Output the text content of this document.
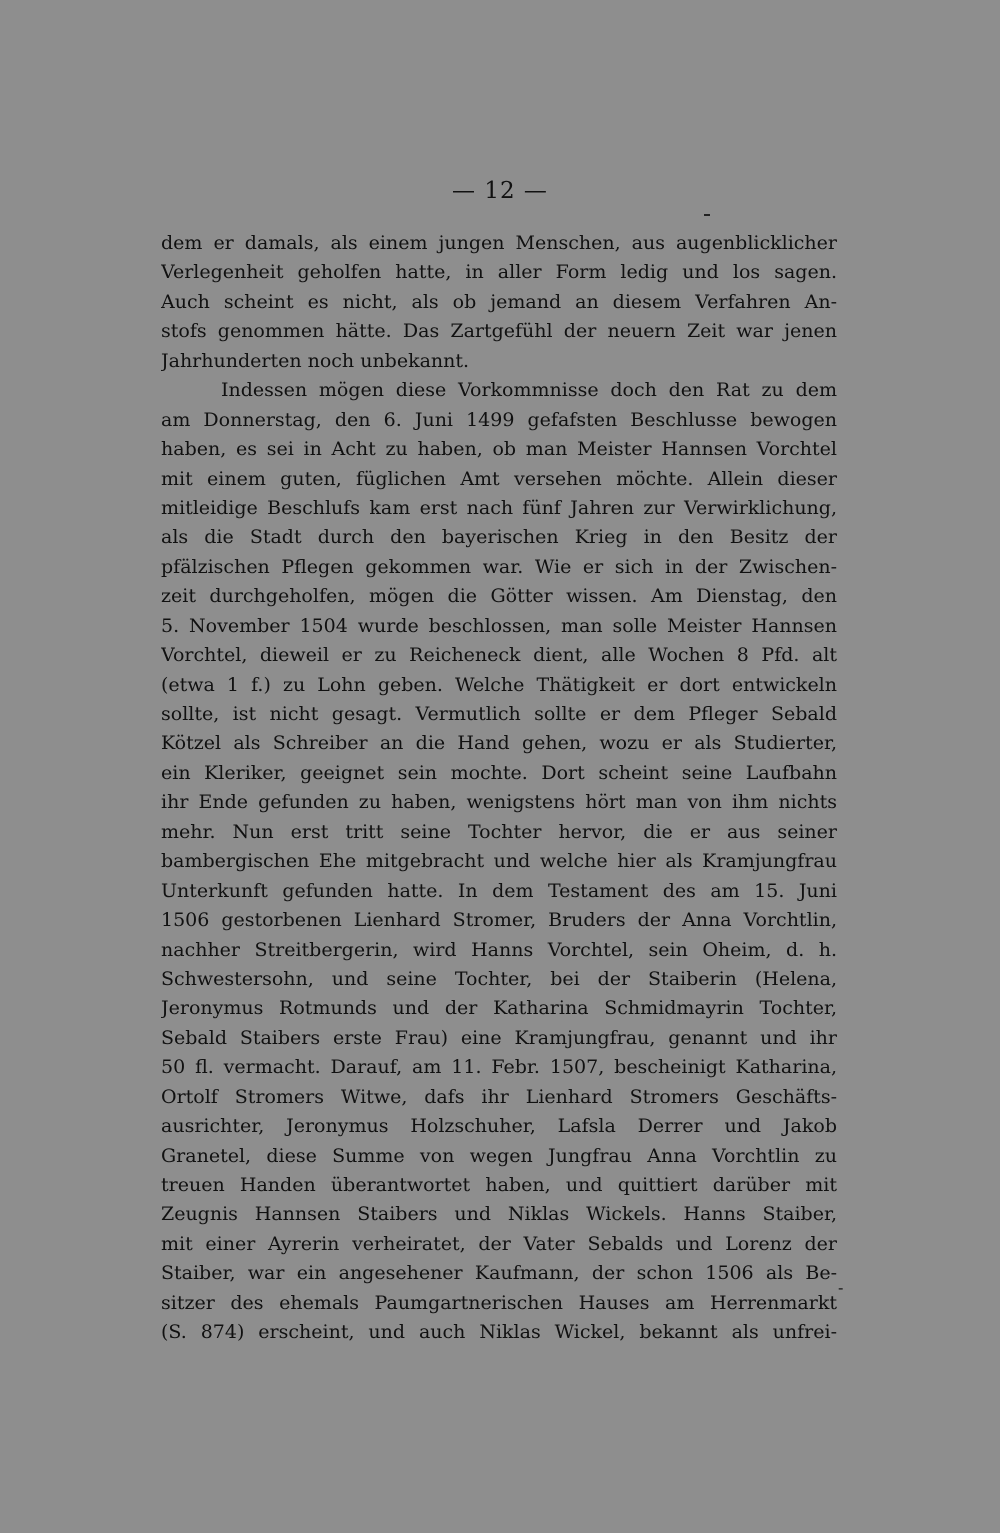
— 12 —
-
dem er damals, als einem jungen Menschen, aus augenblicklicher
Verlegenheit geholfen hatte, in aller Form ledig und los sagen.
Auch scheint es nicht, als ob jemand an diesem Verfahren An-
stofs genommen hätte. Das Zartgefühl der neuern Zeit war jenen
Jahrhunderten noch unbekannt.
Indessen mögen diese Vorkommnisse doch den Rat zu dem
am Donnerstag, den 6. Juni 1499 gefafsten Beschlusse bewogen
haben, es sei in Acht zu haben, ob man Meister Hannsen Vorchtel
mit einem guten, füglichen Amt versehen möchte. Allein dieser
mitleidige Beschlufs kam erst nach fünf Jahren zur Verwirklichung,
als die Stadt durch den bayerischen Krieg in den Besitz der
pfälzischen Pflegen gekommen war. Wie er sich in der Zwischen-
zeit durchgeholfen, mögen die Götter wissen. Am Dienstag, den
5. November 1504 wurde beschlossen, man solle Meister Hannsen
Vorchtel, dieweil er zu Reicheneck dient, alle Wochen 8 Pfd. alt
(etwa 1 f.) zu Lohn geben. Welche Thätigkeit er dort entwickeln
sollte, ist nicht gesagt. Vermutlich sollte er dem Pfleger Sebald
Kötzel als Schreiber an die Hand gehen, wozu er als Studierter,
ein Kleriker, geeignet sein mochte. Dort scheint seine Laufbahn
ihr Ende gefunden zu haben, wenigstens hört man von ihm nichts
mehr. Nun erst tritt seine Tochter hervor, die er aus seiner
bambergischen Ehe mitgebracht und welche hier als Kramjungfrau
Unterkunft gefunden hatte. In dem Testament des am 15. Juni
1506 gestorbenen Lienhard Stromer, Bruders der Anna Vorchtlin,
nachher Streitbergerin, wird Hanns Vorchtel, sein Oheim, d. h.
Schwestersohn, und seine Tochter, bei der Staiberin (Helena,
Jeronymus Rotmunds und der Katharina Schmidmayrin Tochter,
Sebald Staibers erste Frau) eine Kramjungfrau, genannt und ihr
50 fl. vermacht. Darauf, am 11. Febr. 1507, bescheinigt Katharina,
Ortolf Stromers Witwe, dafs ihr Lienhard Stromers Geschäfts-
ausrichter, Jeronymus Holzschuher, Lafsla Derrer und Jakob
Granetel, diese Summe von wegen Jungfrau Anna Vorchtlin zu
treuen Handen überantwortet haben, und quittiert darüber mit
Zeugnis Hannsen Staibers und Niklas Wickels. Hanns Staiber,
mit einer Ayrerin verheiratet, der Vater Sebalds und Lorenz der
Staiber, war ein angesehener Kaufmann, der schon 1506 als Be-
sitzer des ehemals Paumgartnerischen Hauses am Herrenmarkt
(S. 874) erscheint, und auch Niklas Wickel, bekannt als unfrei-
